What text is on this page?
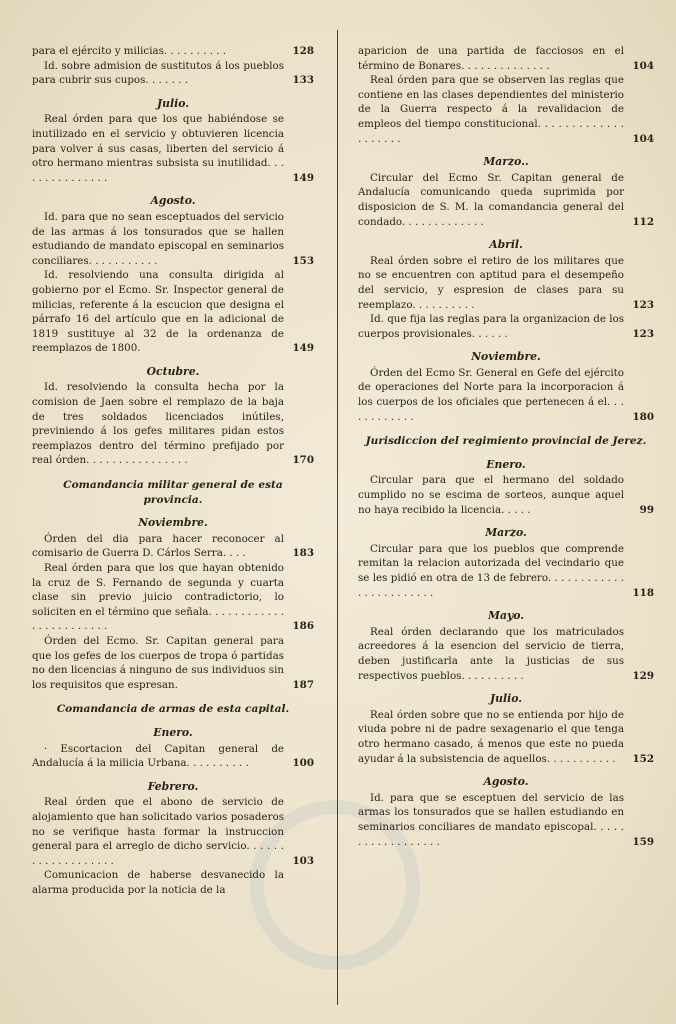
para el ejército y milicias. . . . . . . . . .	128
Id. sobre admision de sustitutos á los pueblos para cubrir sus cupos. . . . . . .	133
Julio.
Real órden para que los que habiéndose se inutilizado en el servicio y obtuvieren licencia para volver á sus casas, liberten del servicio á otro hermano mientras subsista su inutilidad. . . . . . . . . . . . . . .	149
Agosto.
Id. para que no sean esceptuados del servicio de las armas á los tonsurados que se hallen estudiando de mandato episcopal en seminarios conciliares. . . . . . . . . . .	153
Id. resolviendo una consulta dirigida al gobierno por el Ecmo. Sr. Inspector general de milicias, referente á la escucion que designa el párrafo 16 del artículo que en la adicional de 1819 sustituye al 32 de la ordenanza de reemplazos de 1800.	149
Octubre.
Id. resolviendo la consulta hecha por la comision de Jaen sobre el remplazo de la baja de tres soldados licenciados inútiles, previniendo á los gefes militares pidan estos reemplazos dentro del término prefijado por real órden. . . . . . . . . . . . . . . .	170
Comandancia militar general de esta provincia.
Noviembre.
Órden del dia para hacer reconocer al comisario de Guerra D. Cárlos Serra. . . .	183
Real órden para que los que hayan obtenido la cruz de S. Fernando de segunda y cuarta clase sin previo juicio contradictorio, lo soliciten en el término que señala. . . . . . . . . . . . . . . . . . . . . . . .	186
Órden del Ecmo. Sr. Capitan general para que los gefes de los cuerpos de tropa ó partidas no den licencias á ninguno de sus individuos sin los requisitos que espresan.	187
Comandancia de armas de esta capital.
Enero.
· Escortacion del Capitan general de Andalucía á la milicia Urbana. . . . . . . . . .	100
Febrero.
Real órden que el abono de servicio de alojamiento que han solicitado varios posaderos no se verifique hasta formar la instruccion general para el arreglo de dicho servicio. . . . . . . . . . . . . . . . . . .	103
Comunicacion de haberse desvanecido la alarma producida por la noticia de la
aparicion de una partida de facciosos en el término de Bonares. . . . . . . . . . . . . .	104
Real órden para que se observen las reglas que contiene en las clases dependientes del ministerio de la Guerra respecto á la revalidacion de empleos del tiempo constitucional. . . . . . . . . . . . . . . . . . . .	104
Marzo..
Circular del Ecmo Sr. Capitan general de Andalucía comunicando queda suprimida por disposicion de S. M. la comandancia general del condado. . . . . . . . . . . . .	112
Abril.
Real órden sobre el retiro de los militares que no se encuentren con aptitud para el desempeño del servicio, y espresion de clases para su reemplazo. . . . . . . . . .	123
Id. que fija las reglas para la organizacion de los cuerpos provisionales. . . . . .	123
Noviembre.
Órden del Ecmo Sr. General en Gefe del ejército de operaciones del Norte para la incorporacion á los cuerpos de los oficiales que pertenecen á el. . . . . . . . . . . .	180
Jurisdiccion del regimiento provincial de Jerez.
Enero.
Circular para que el hermano del soldado cumplido no se escima de sorteos, aunque aquel no haya recibido la licencia. . . . .	99
Marzo.
Circular para que los pueblos que comprende remitan la relacion autorizada del vecindario que se les pidió en otra de 13 de febrero. . . . . . . . . . . . . . . . . . . . . . . .	118
Mayo.
Real órden declarando que los matriculados acreedores á la esencion del servicio de tierra, deben justificarla ante la justicias de sus respectivos pueblos. . . . . . . . . .	129
Julio.
Real órden sobre que no se entienda por hijo de viuda pobre ni de padre sexagenario el que tenga otro hermano casado, á menos que este no pueda ayudar á la subsistencia de aquellos. . . . . . . . . . .	152
Agosto.
Id. para que se esceptuen del servicio de las armas los tonsurados que se hallen estudiando en seminarios conciliares de mandato episcopal. . . . . . . . . . . . . . . . . .	159
